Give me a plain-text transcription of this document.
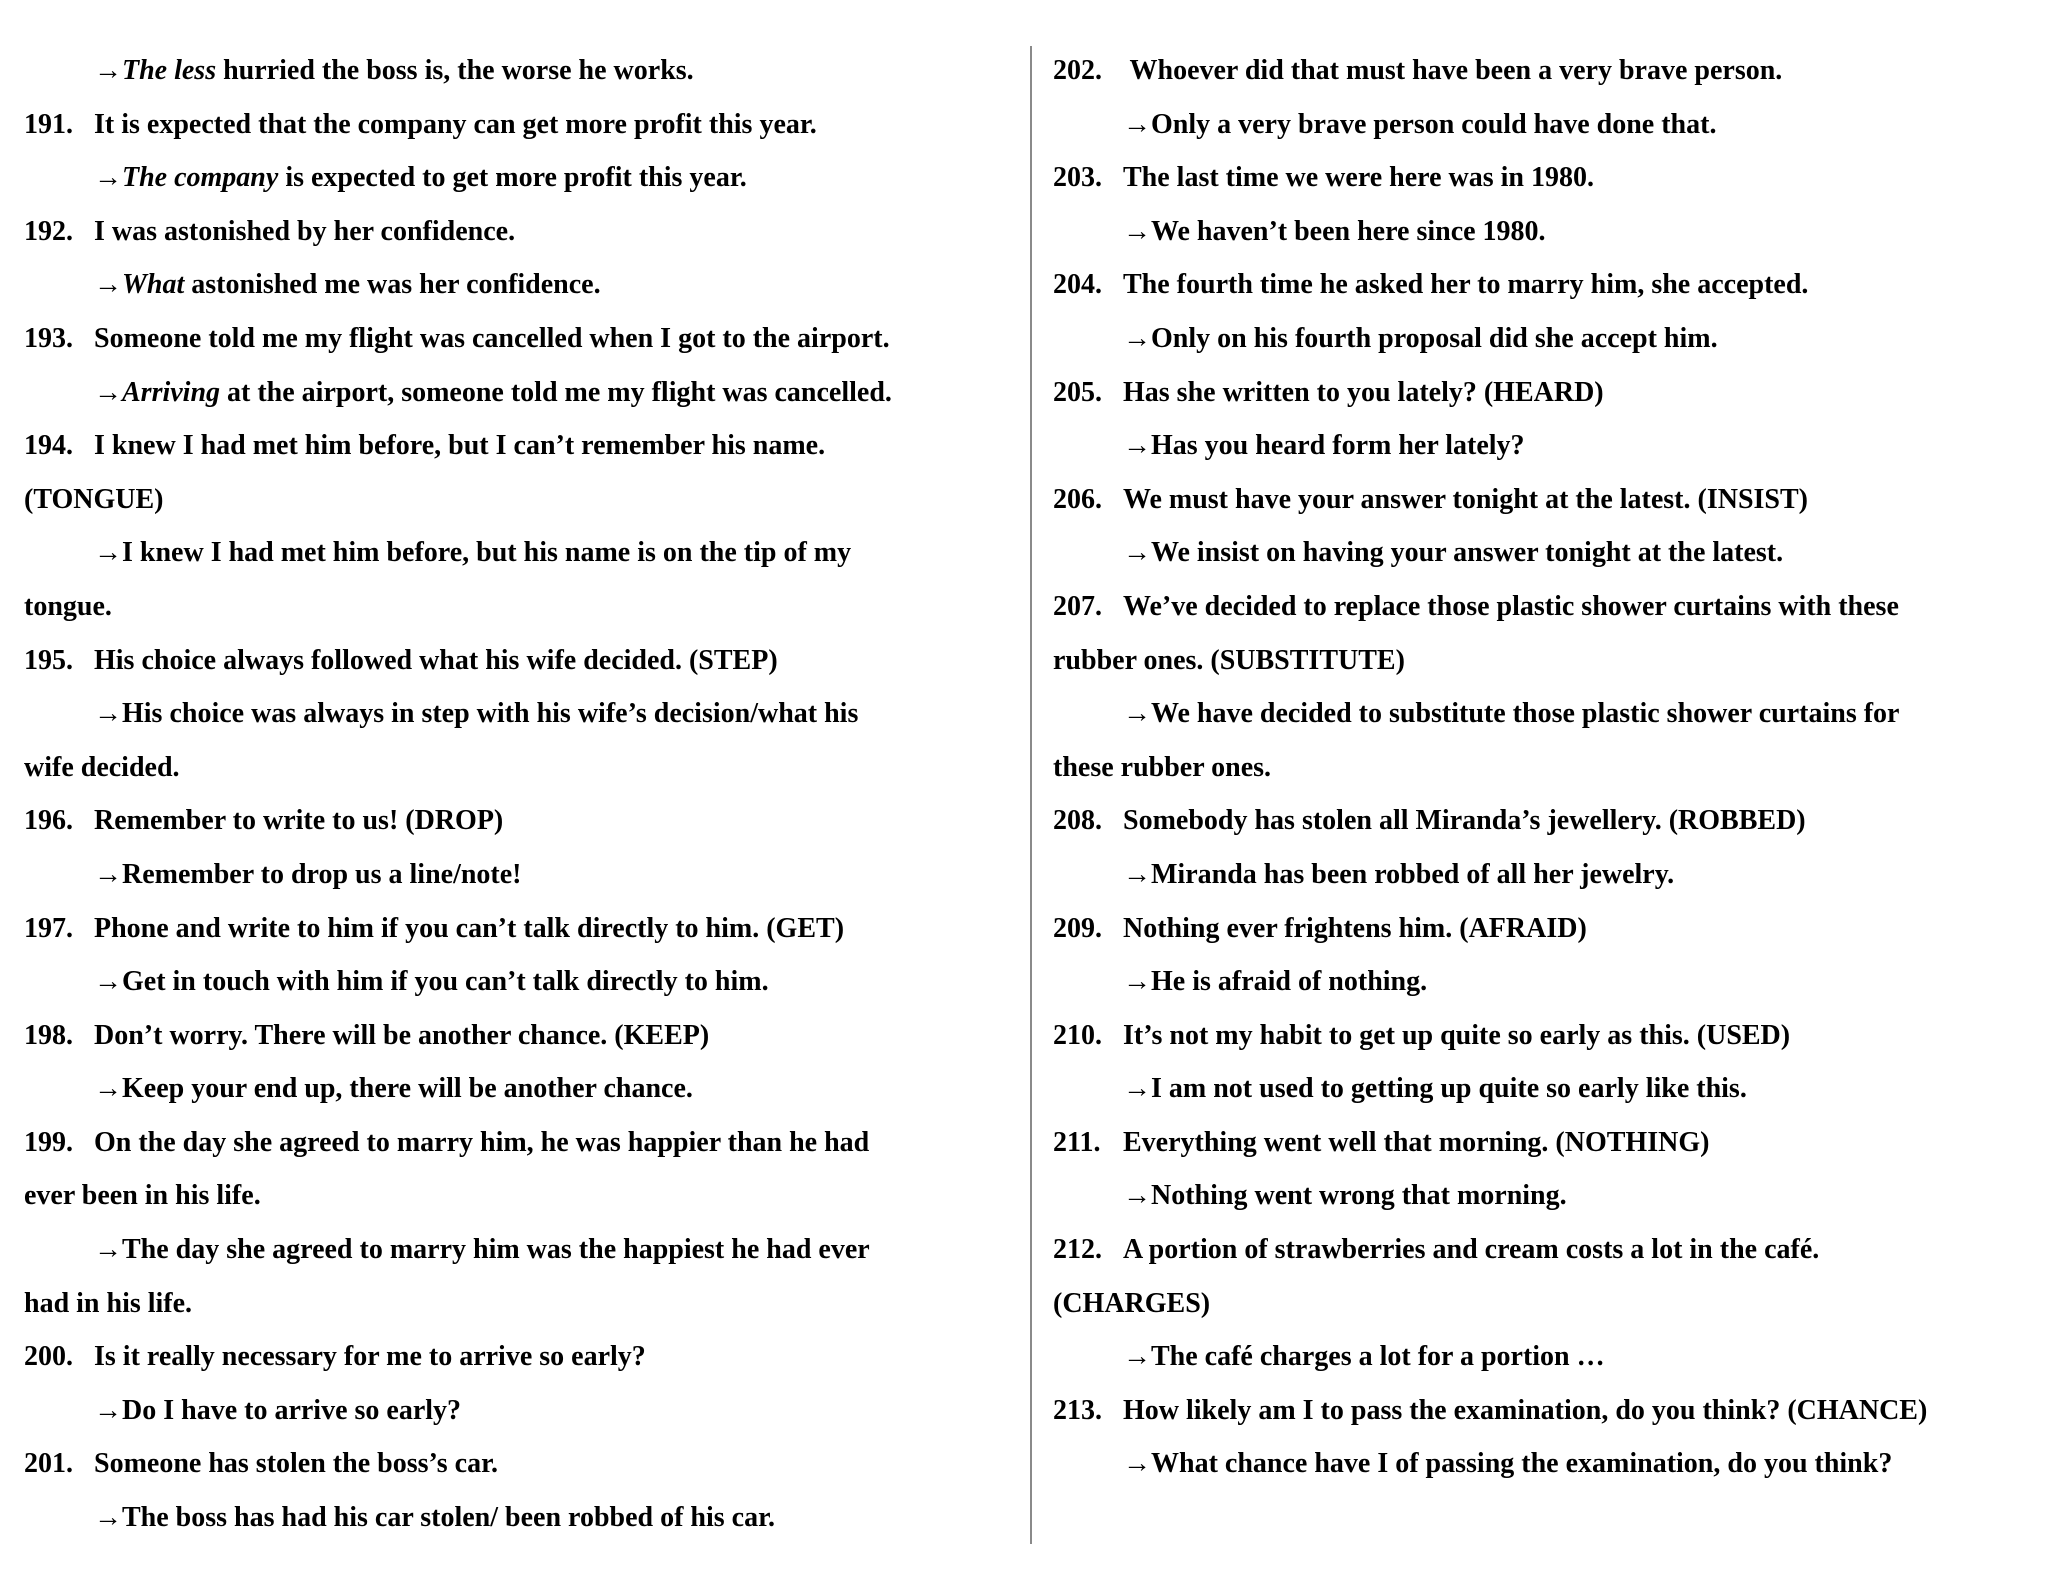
→The less hurried the boss is, the worse he works.
191. It is expected that the company can get more profit this year.
→The company is expected to get more profit this year.
192. I was astonished by her confidence.
→What astonished me was her confidence.
193. Someone told me my flight was cancelled when I got to the airport.
→Arriving at the airport, someone told me my flight was cancelled.
194. I knew I had met him before, but I can’t remember his name.
(TONGUE)
→I knew I had met him before, but his name is on the tip of my
tongue.
195. His choice always followed what his wife decided. (STEP)
→His choice was always in step with his wife’s decision/what his
wife decided.
196. Remember to write to us! (DROP)
→Remember to drop us a line/note!
197. Phone and write to him if you can’t talk directly to him. (GET)
→Get in touch with him if you can’t talk directly to him.
198. Don’t worry. There will be another chance. (KEEP)
→Keep your end up, there will be another chance.
199. On the day she agreed to marry him, he was happier than he had
ever been in his life.
→The day she agreed to marry him was the happiest he had ever
had in his life.
200. Is it really necessary for me to arrive so early?
→Do I have to arrive so early?
201. Someone has stolen the boss’s car.
→The boss has had his car stolen/ been robbed of his car.
202. Whoever did that must have been a very brave person.
→Only a very brave person could have done that.
203. The last time we were here was in 1980.
→We haven’t been here since 1980.
204. The fourth time he asked her to marry him, she accepted.
→Only on his fourth proposal did she accept him.
205. Has she written to you lately? (HEARD)
→Has you heard form her lately?
206. We must have your answer tonight at the latest. (INSIST)
→We insist on having your answer tonight at the latest.
207. We’ve decided to replace those plastic shower curtains with these
rubber ones. (SUBSTITUTE)
→We have decided to substitute those plastic shower curtains for
these rubber ones.
208. Somebody has stolen all Miranda’s jewellery. (ROBBED)
→Miranda has been robbed of all her jewelry.
209. Nothing ever frightens him. (AFRAID)
→He is afraid of nothing.
210. It’s not my habit to get up quite so early as this. (USED)
→I am not used to getting up quite so early like this.
211. Everything went well that morning. (NOTHING)
→Nothing went wrong that morning.
212. A portion of strawberries and cream costs a lot in the café.
(CHARGES)
→The café charges a lot for a portion …
213. How likely am I to pass the examination, do you think? (CHANCE)
→What chance have I of passing the examination, do you think?
